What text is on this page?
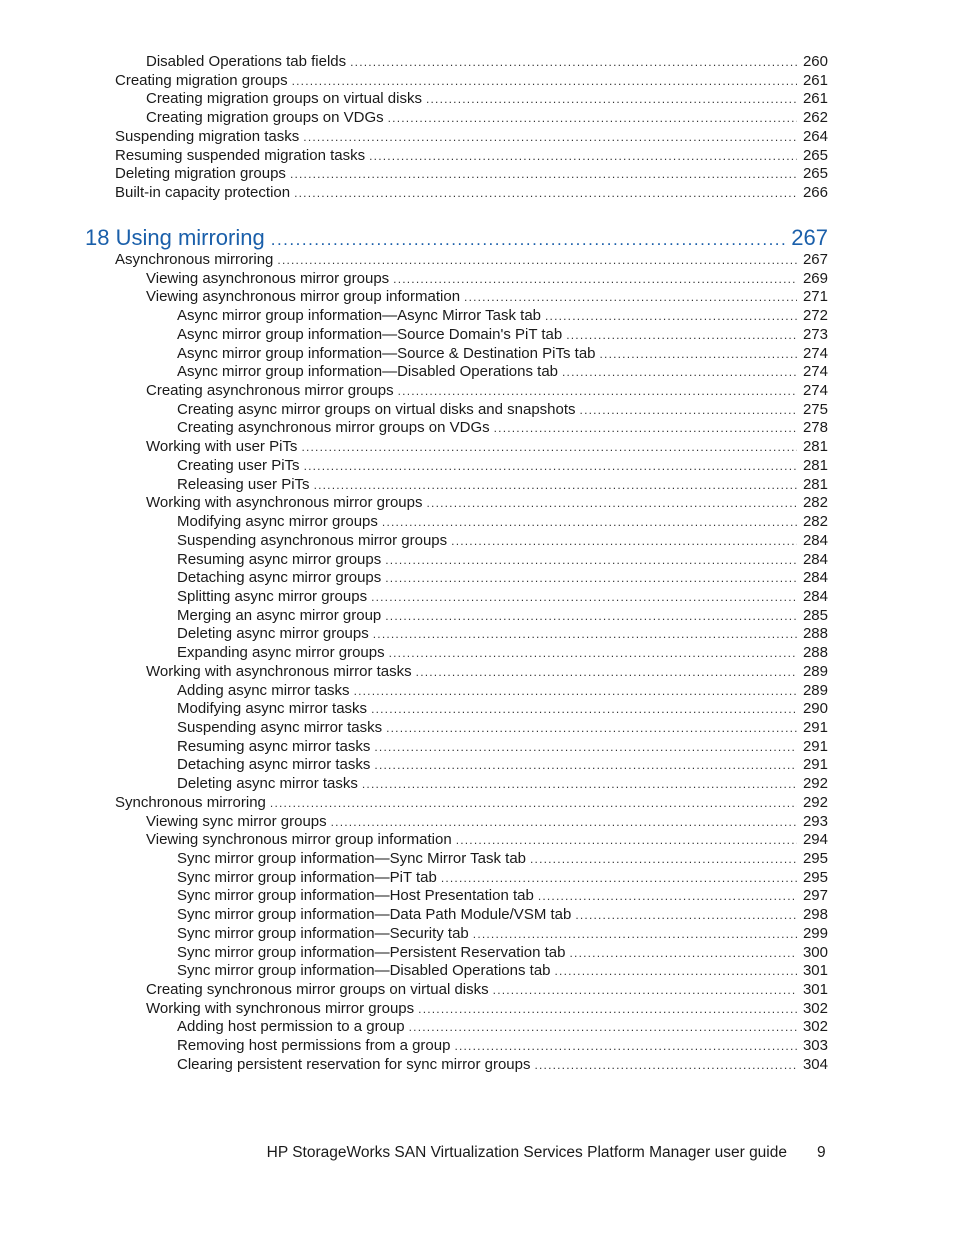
Disabled Operations tab fields .....	260
Creating migration groups .....	261
Creating migration groups on virtual disks .....	261
Creating migration groups on VDGs .....	262
Suspending migration tasks .....	264
Resuming suspended migration tasks .....	265
Deleting migration groups .....	265
Built-in capacity protection .....	266
18 Using mirroring .....	267
Asynchronous mirroring .....	267
Viewing asynchronous mirror groups .....	269
Viewing asynchronous mirror group information .....	271
Async mirror group information—Async Mirror Task tab .....	272
Async mirror group information—Source Domain's PiT tab .....	273
Async mirror group information—Source & Destination PiTs tab .....	274
Async mirror group information—Disabled Operations tab .....	274
Creating asynchronous mirror groups .....	274
Creating async mirror groups on virtual disks and snapshots .....	275
Creating asynchronous mirror groups on VDGs .....	278
Working with user PiTs .....	281
Creating user PiTs .....	281
Releasing user PiTs .....	281
Working with asynchronous mirror groups .....	282
Modifying async mirror groups .....	282
Suspending asynchronous mirror groups .....	284
Resuming async mirror groups .....	284
Detaching async mirror groups .....	284
Splitting async mirror groups .....	284
Merging an async mirror group .....	285
Deleting async mirror groups .....	288
Expanding async mirror groups .....	288
Working with asynchronous mirror tasks .....	289
Adding async mirror tasks .....	289
Modifying async mirror tasks .....	290
Suspending async mirror tasks .....	291
Resuming async mirror tasks .....	291
Detaching async mirror tasks .....	291
Deleting async mirror tasks .....	292
Synchronous mirroring .....	292
Viewing sync mirror groups .....	293
Viewing synchronous mirror group information .....	294
Sync mirror group information—Sync Mirror Task tab .....	295
Sync mirror group information—PiT tab .....	295
Sync mirror group information—Host Presentation tab .....	297
Sync mirror group information—Data Path Module/VSM tab .....	298
Sync mirror group information—Security tab .....	299
Sync mirror group information—Persistent Reservation tab .....	300
Sync mirror group information—Disabled Operations tab .....	301
Creating synchronous mirror groups on virtual disks .....	301
Working with synchronous mirror groups .....	302
Adding host permission to a group .....	302
Removing host permissions from a group .....	303
Clearing persistent reservation for sync mirror groups .....	304
HP StorageWorks SAN Virtualization Services Platform Manager user guide 9
